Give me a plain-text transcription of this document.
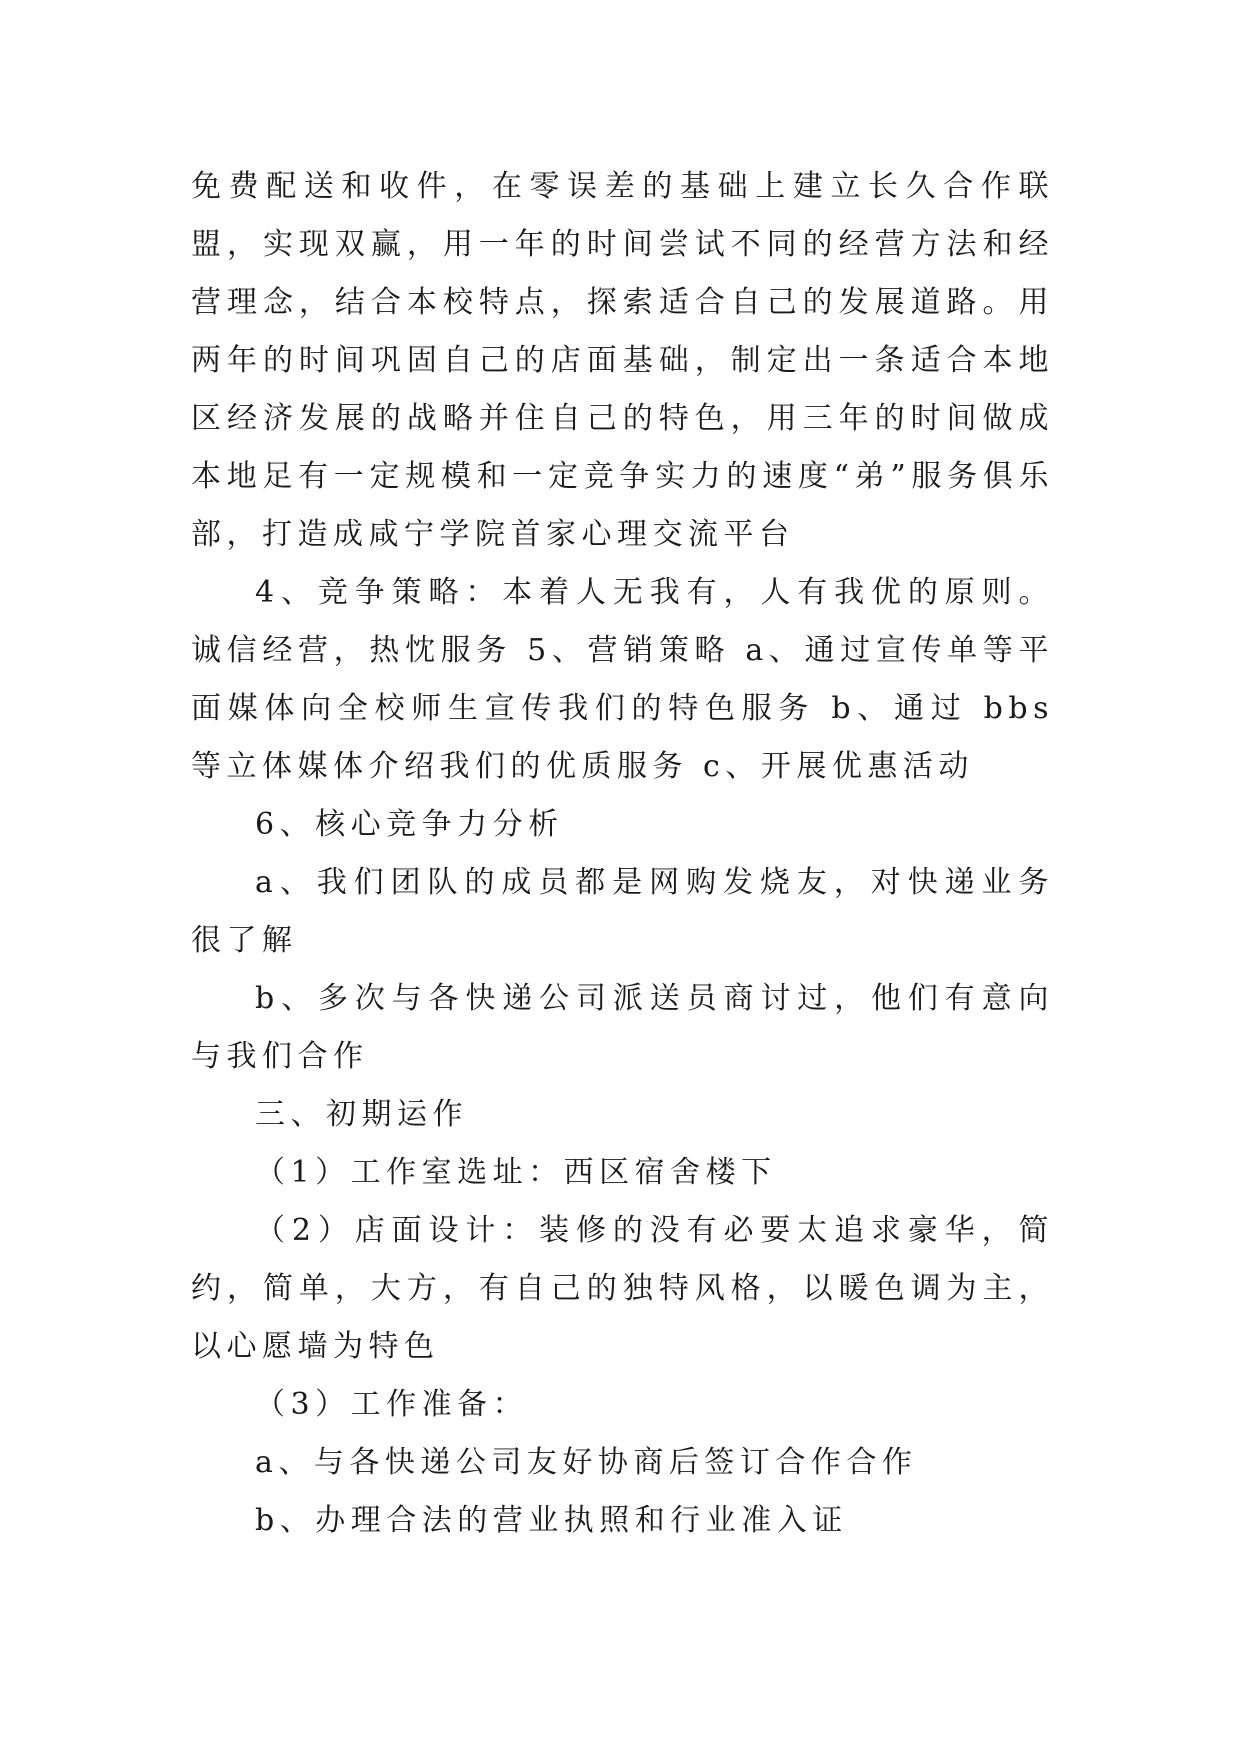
免费配送和收件，在零误差的基础上建立长久合作联盟，实现双赢，用一年的时间尝试不同的经营方法和经营理念，结合本校特点，探索适合自己的发展道路。用两年的时间巩固自己的店面基础，制定出一条适合本地区经济发展的战略并住自己的特色，用三年的时间做成本地足有一定规模和一定竞争实力的速度“弟”服务俱乐部，打造成咸宁学院首家心理交流平台

4、竞争策略：本着人无我有，人有我优的原则。诚信经营，热忱服务 5、营销策略 a、通过宣传单等平面媒体向全校师生宣传我们的特色服务 b、通过 bbs 等立体媒体介绍我们的优质服务 c、开展优惠活动

6、核心竞争力分析

a、我们团队的成员都是网购发烧友，对快递业务很了解

b、多次与各快递公司派送员商讨过，他们有意向与我们合作

三、初期运作

（1）工作室选址：西区宿舍楼下

（2）店面设计：装修的没有必要太追求豪华，简约，简单，大方，有自己的独特风格，以暖色调为主，以心愿墙为特色

（3）工作准备：

a、与各快递公司友好协商后签订合作合作

b、办理合法的营业执照和行业准入证
